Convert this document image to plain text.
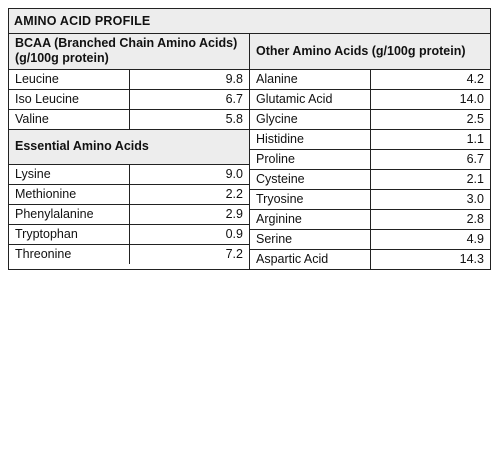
AMINO ACID PROFILE
BCAA (Branched Chain Amino Acids) (g/100g protein)	
Leucine	9.8
Iso Leucine	6.7
Valine	5.8
Essential Amino Acids	
Lysine	9.0
Methionine	2.2
Phenylalanine	2.9
Tryptophan	0.9
Threonine	7.2
Other Amino Acids (g/100g protein)	
Alanine	4.2
Glutamic Acid	14.0
Glycine	2.5
Histidine	1.1
Proline	6.7
Cysteine	2.1
Tryosine	3.0
Arginine	2.8
Serine	4.9
Aspartic Acid	14.3
